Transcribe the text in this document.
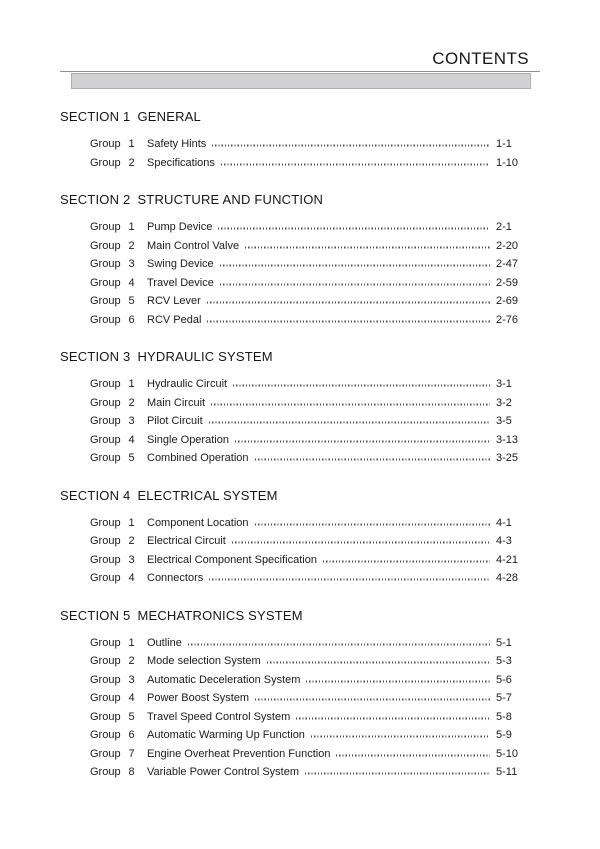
CONTENTS
SECTION 1 GENERAL
Group 1	Safety Hints	1-1
Group 2	Specifications	1-10
SECTION 2 STRUCTURE AND FUNCTION
Group 1	Pump Device	2-1
Group 2	Main Control Valve	2-20
Group 3	Swing Device	2-47
Group 4	Travel Device	2-59
Group 5	RCV Lever	2-69
Group 6	RCV Pedal	2-76
SECTION 3 HYDRAULIC SYSTEM
Group 1	Hydraulic Circuit	3-1
Group 2	Main Circuit	3-2
Group 3	Pilot Circuit	3-5
Group 4	Single Operation	3-13
Group 5	Combined Operation	3-25
SECTION 4 ELECTRICAL SYSTEM
Group 1	Component Location	4-1
Group 2	Electrical Circuit	4-3
Group 3	Electrical Component Specification	4-21
Group 4	Connectors	4-28
SECTION 5 MECHATRONICS SYSTEM
Group 1	Outline	5-1
Group 2	Mode selection System	5-3
Group 3	Automatic Deceleration System	5-6
Group 4	Power Boost System	5-7
Group 5	Travel Speed Control System	5-8
Group 6	Automatic Warming Up Function	5-9
Group 7	Engine Overheat Prevention Function	5-10
Group 8	Variable Power Control System	5-11
